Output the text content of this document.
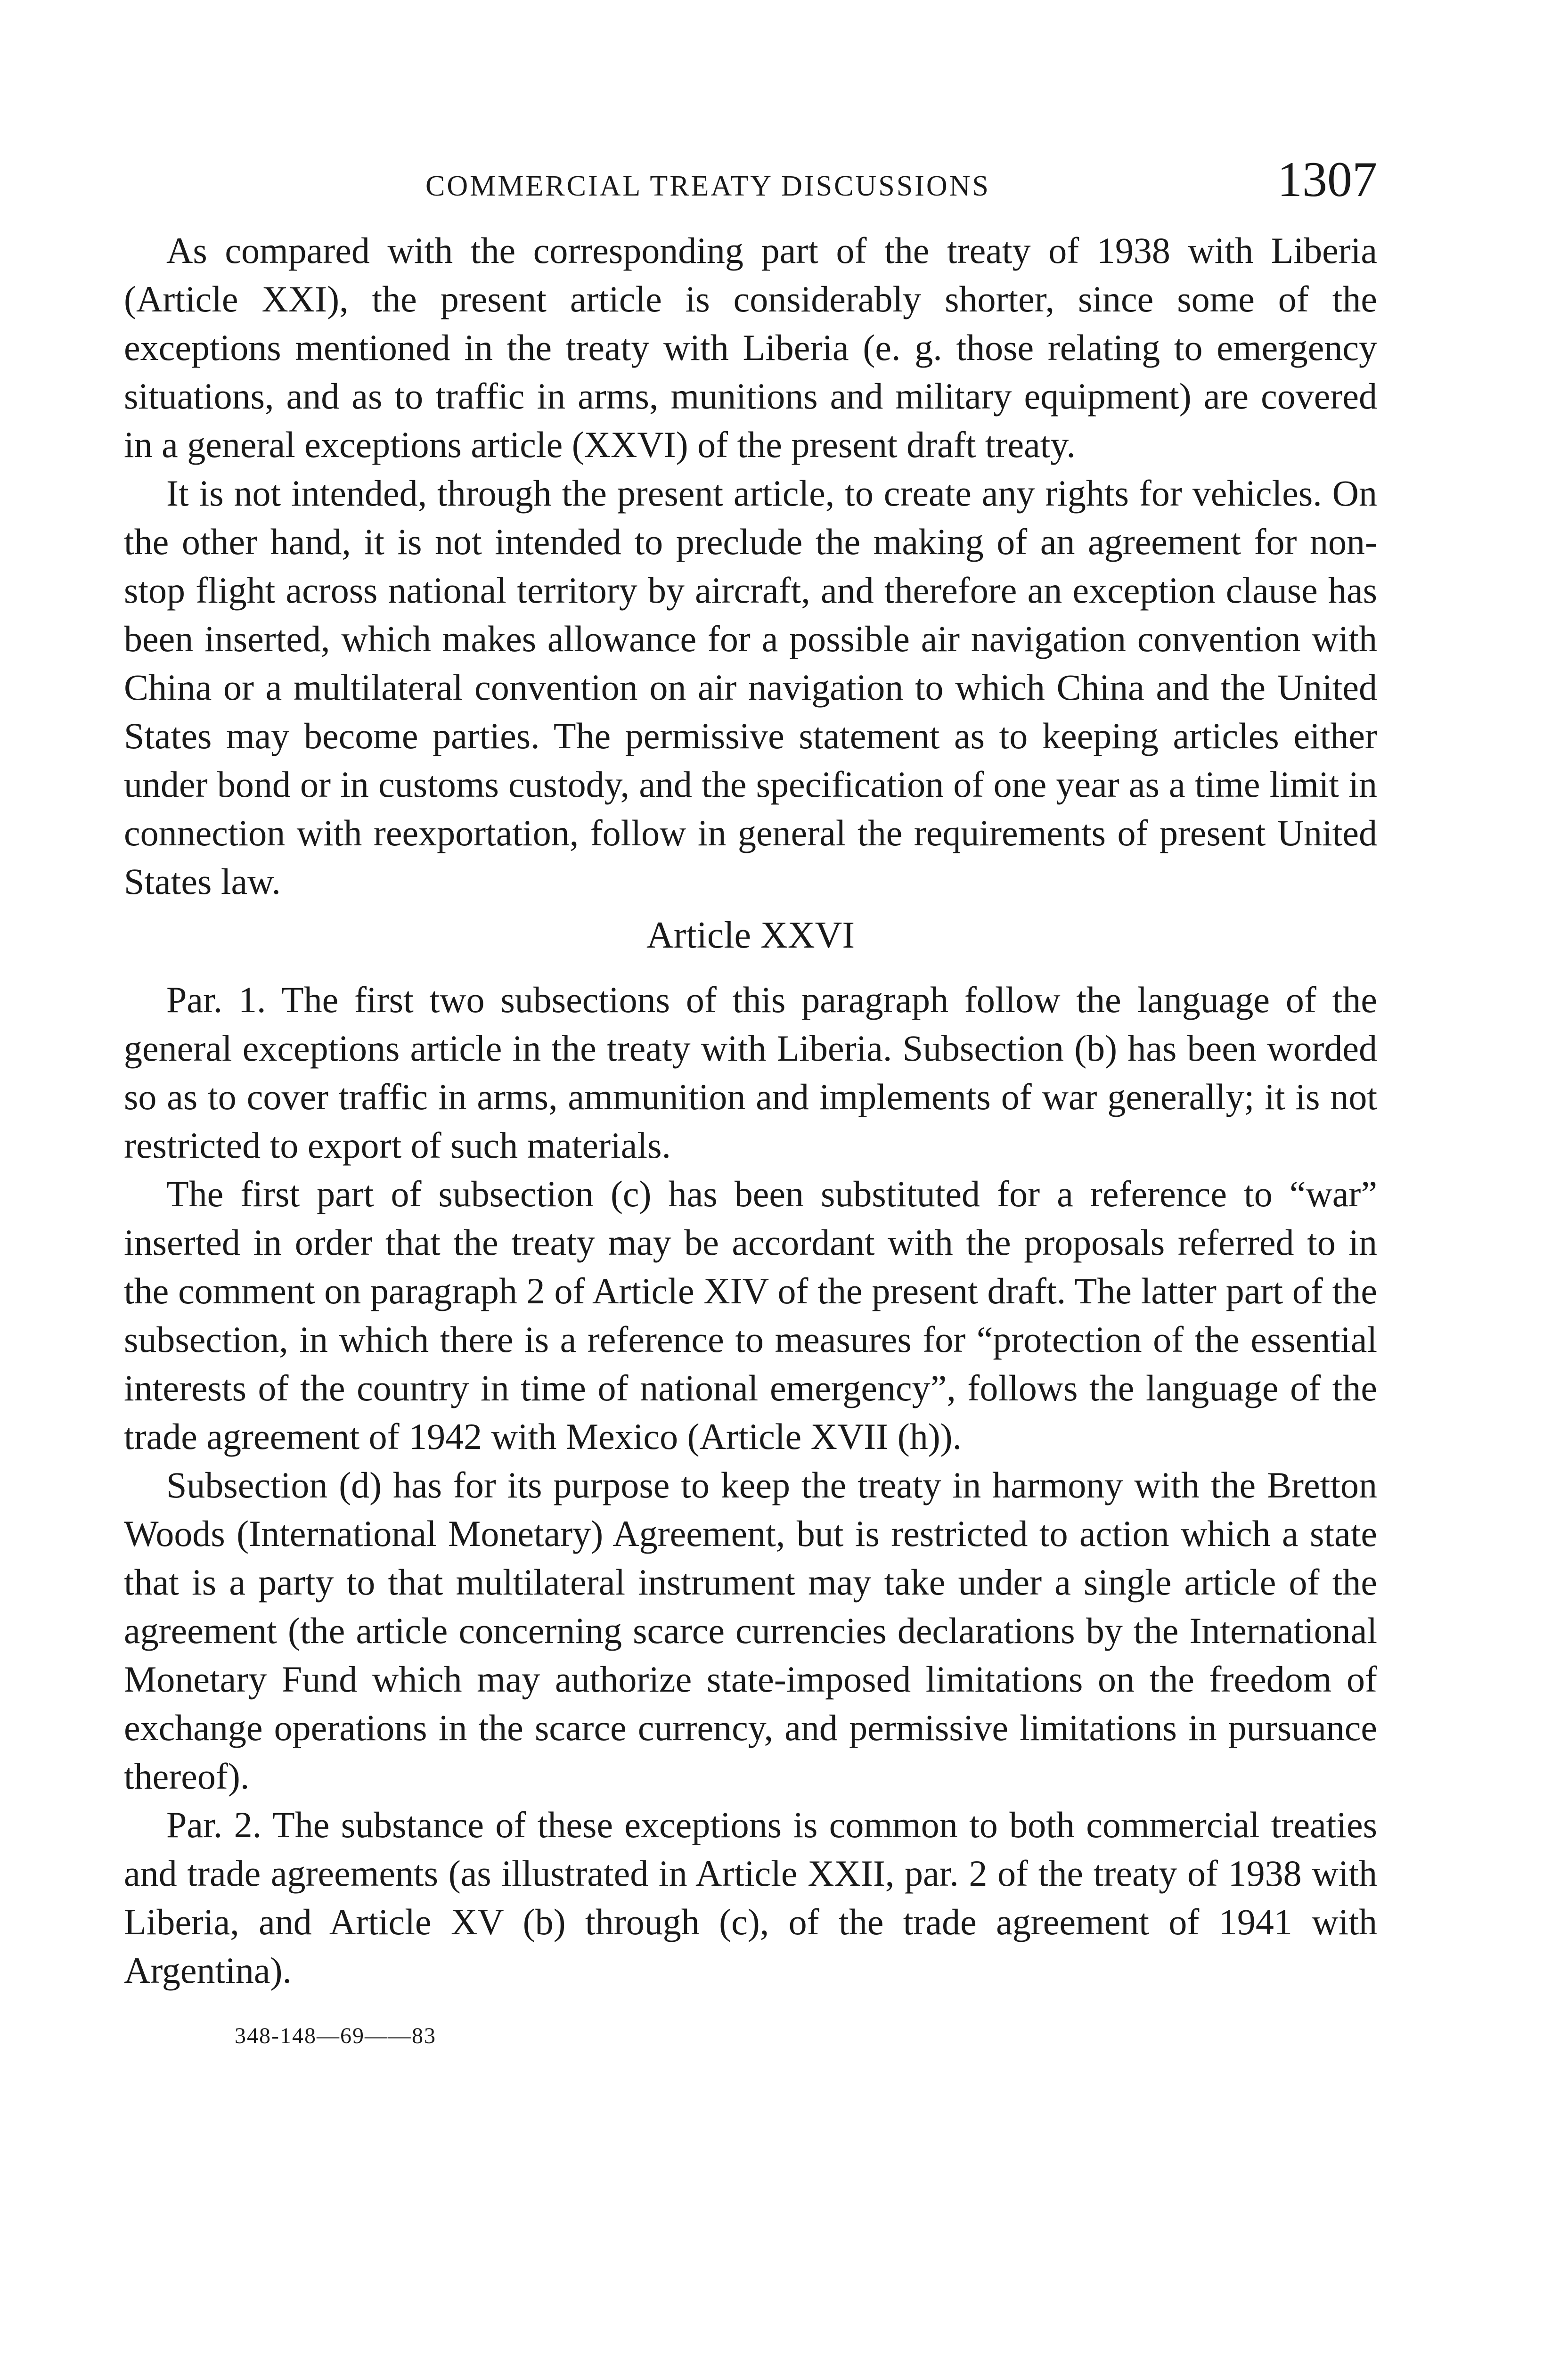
COMMERCIAL TREATY DISCUSSIONS	1307

As compared with the corresponding part of the treaty of 1938 with Liberia (Article XXI), the present article is considerably shorter, since some of the exceptions mentioned in the treaty with Liberia (e. g. those relating to emergency situations, and as to traffic in arms, munitions and military equipment) are covered in a general exceptions article (XXVI) of the present draft treaty.

It is not intended, through the present article, to create any rights for vehicles. On the other hand, it is not intended to preclude the making of an agreement for non-stop flight across national territory by aircraft, and therefore an exception clause has been inserted, which makes allowance for a possible air navigation convention with China or a multilateral convention on air navigation to which China and the United States may become parties. The permissive statement as to keeping articles either under bond or in customs custody, and the specification of one year as a time limit in connection with reexportation, follow in general the requirements of present United States law.

Article XXVI

Par. 1. The first two subsections of this paragraph follow the language of the general exceptions article in the treaty with Liberia. Subsection (b) has been worded so as to cover traffic in arms, ammunition and implements of war generally; it is not restricted to export of such materials.

The first part of subsection (c) has been substituted for a reference to “war” inserted in order that the treaty may be accordant with the proposals referred to in the comment on paragraph 2 of Article XIV of the present draft. The latter part of the subsection, in which there is a reference to measures for “protection of the essential interests of the country in time of national emergency”, follows the language of the trade agreement of 1942 with Mexico (Article XVII (h)).

Subsection (d) has for its purpose to keep the treaty in harmony with the Bretton Woods (International Monetary) Agreement, but is restricted to action which a state that is a party to that multilateral instrument may take under a single article of the agreement (the article concerning scarce currencies declarations by the International Monetary Fund which may authorize state-imposed limitations on the freedom of exchange operations in the scarce currency, and permissive limitations in pursuance thereof).

Par. 2. The substance of these exceptions is common to both commercial treaties and trade agreements (as illustrated in Article XXII, par. 2 of the treaty of 1938 with Liberia, and Article XV (b) through (c), of the trade agreement of 1941 with Argentina).

348-148—69——83
